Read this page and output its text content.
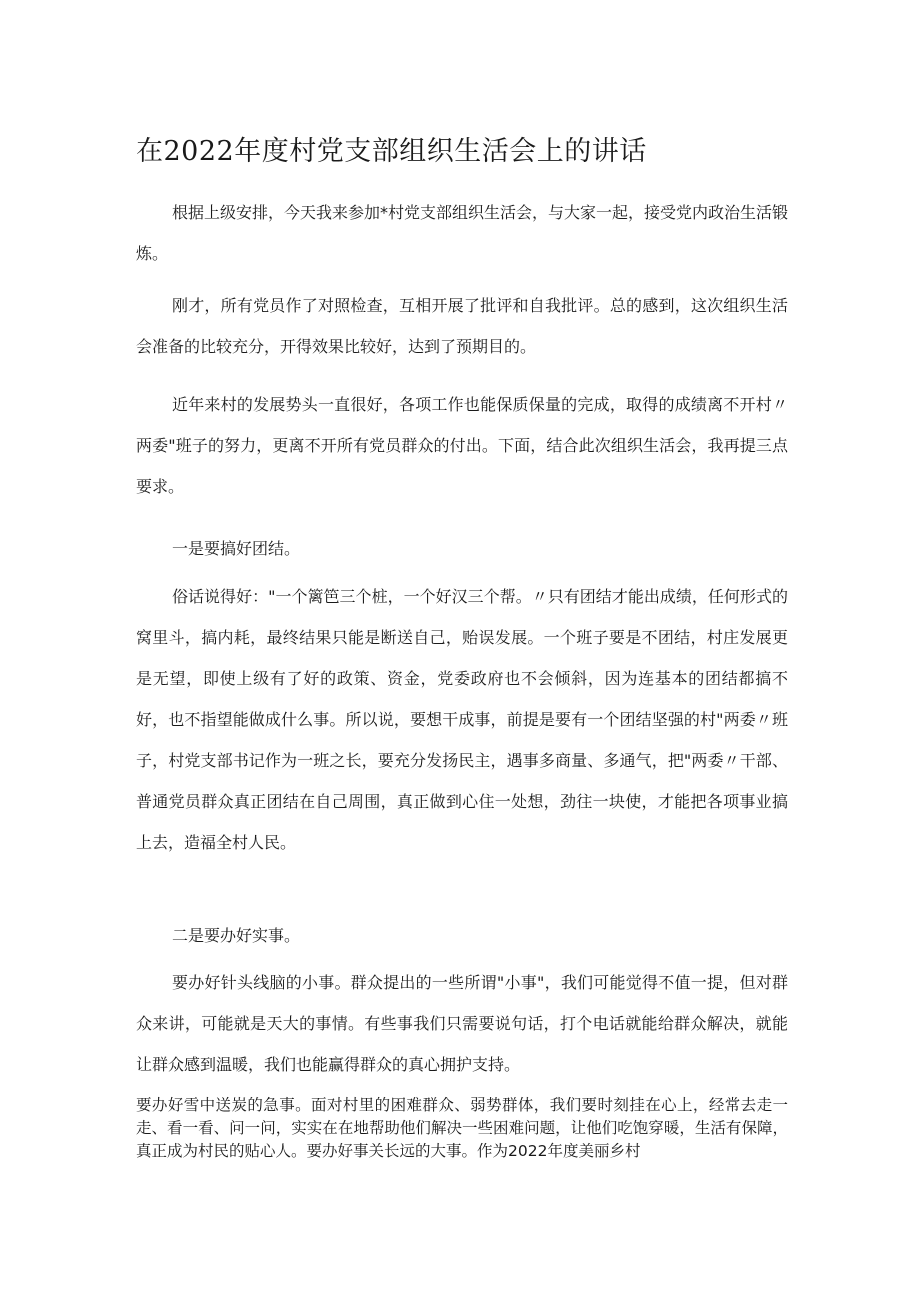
在2022年度村党支部组织生活会上的讲话

根据上级安排，今天我来参加*村党支部组织生活会，与大家一起，接受党内政治生活锻炼。

刚才，所有党员作了对照检查，互相开展了批评和自我批评。总的感到，这次组织生活会准备的比较充分，开得效果比较好，达到了预期目的。

近年来村的发展势头一直很好，各项工作也能保质保量的完成，取得的成绩离不开村〃两委"班子的努力，更离不开所有党员群众的付出。下面，结合此次组织生活会，我再提三点要求。

一是要搞好团结。

俗话说得好："一个篱笆三个桩，一个好汉三个帮。〃只有团结才能出成绩，任何形式的窝里斗，搞内耗，最终结果只能是断送自己，贻误发展。一个班子要是不团结，村庄发展更是无望，即使上级有了好的政策、资金，党委政府也不会倾斜，因为连基本的团结都搞不好，也不指望能做成什么事。所以说，要想干成事，前提是要有一个团结坚强的村"两委〃班子，村党支部书记作为一班之长，要充分发扬民主，遇事多商量、多通气，把"两委〃干部、普通党员群众真正团结在自己周围，真正做到心住一处想，劲往一块使，才能把各项事业搞上去，造福全村人民。

二是要办好实事。

要办好针头线脑的小事。群众提出的一些所谓"小事"，我们可能觉得不值一提，但对群众来讲，可能就是天大的事情。有些事我们只需要说句话，打个电话就能给群众解决，就能让群众感到温暖，我们也能赢得群众的真心拥护支持。

要办好雪中送炭的急事。面对村里的困难群众、弱势群体，我们要时刻挂在心上，经常去走一走、看一看、问一问，实实在在地帮助他们解决一些困难问题，让他们吃饱穿暖，生活有保障，真正成为村民的贴心人。要办好事关长远的大事。作为2022年度美丽乡村
